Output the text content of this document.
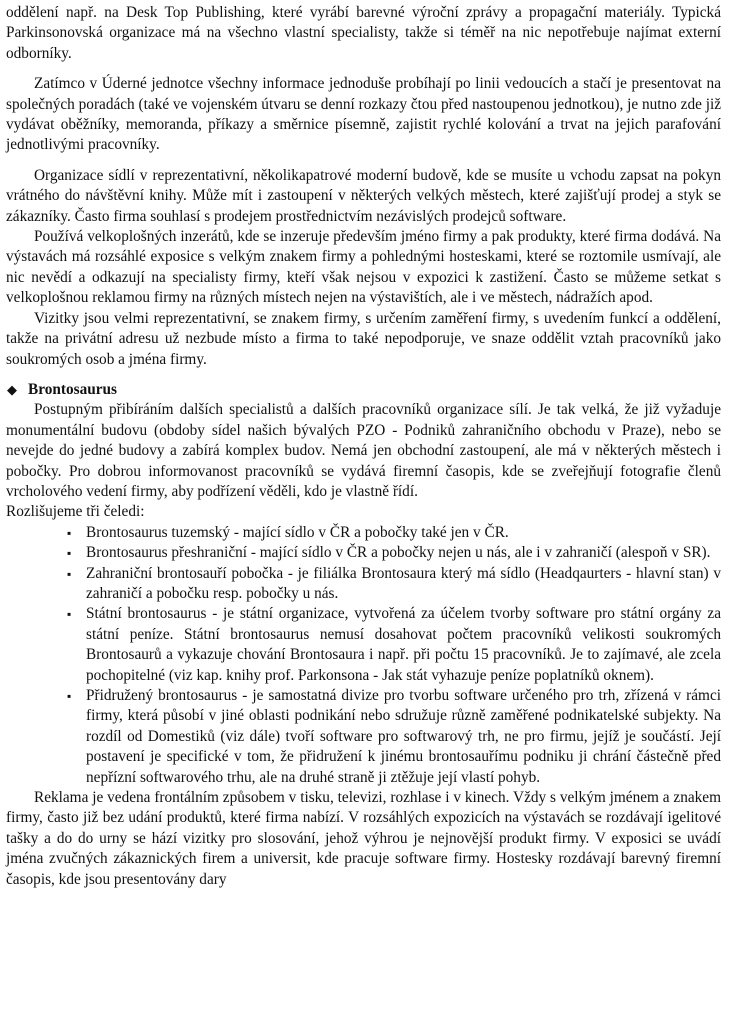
oddělení např. na Desk Top Publishing, které vyrábí barevné výroční zprávy a propagační materiály. Typická Parkinsonovská organizace má na všechno vlastní specialisty, takže si téměř na nic nepotřebuje najímat externí odborníky.

Zatímco v Úderné jednotce všechny informace jednoduše probíhají po linii vedoucích a stačí je presentovat na společných poradách (také ve vojenském útvaru se denní rozkazy čtou před nastoupenou jednotkou), je nutno zde již vydávat oběžníky, memoranda, příkazy a směrnice písemně, zajistit rychlé kolování a trvat na jejich parafování jednotlivými pracovníky.

Organizace sídlí v reprezentativní, několikapatrové moderní budově, kde se musíte u vchodu zapsat na pokyn vrátného do návštěvní knihy. Může mít i zastoupení v některých velkých městech, které zajišťují prodej a styk se zákazníky. Často firma souhlasí s prodejem prostřednictvím nezávislých prodejců software.

Používá velkoplošných inzerátů, kde se inzeruje především jméno firmy a pak produkty, které firma dodává. Na výstavách má rozsáhlé exposice s velkým znakem firmy a pohlednými hosteskami, které se roztomile usmívají, ale nic nevědí a odkazují na specialisty firmy, kteří však nejsou v expozici k zastižení. Často se můžeme setkat s velkoplošnou reklamou firmy na různých místech nejen na výstavištích, ale i ve městech, nádražích apod.

Vizitky jsou velmi reprezentativní, se znakem firmy, s určením zaměření firmy, s uvedením funkcí a oddělení, takže na privátní adresu už nezbude místo a firma to také nepodporuje, ve snaze oddělit vztah pracovníků jako soukromých osob a jména firmy.

◆ Brontosaurus

Postupným přibíráním dalších specialistů a dalších pracovníků organizace sílí. Je tak velká, že již vyžaduje monumentální budovu (obdoby sídel našich bývalých PZO - Podniků zahraničního obchodu v Praze), nebo se nevejde do jedné budovy a zabírá komplex budov. Nemá jen obchodní zastoupení, ale má v některých městech i pobočky. Pro dobrou informovanost pracovníků se vydává firemní časopis, kde se zveřejňují fotografie členů vrcholového vedení firmy, aby podřízení věděli, kdo je vlastně řídí.

Rozlišujeme tři čeledi:

▪ Brontosaurus tuzemský - mající sídlo v ČR a pobočky také jen v ČR.
▪ Brontosaurus přeshraniční - mající sídlo v ČR a pobočky nejen u nás, ale i v zahraničí (alespoň v SR).
▪ Zahraniční brontosauří pobočka - je filiálka Brontosaura který má sídlo (Headqaurters - hlavní stan) v zahraničí a pobočku resp. pobočky u nás.
▪ Státní brontosaurus - je státní organizace, vytvořená za účelem tvorby software pro státní orgány za státní peníze. Státní brontosaurus nemusí dosahovat počtem pracovníků velikosti soukromých Brontosaurů a vykazuje chování Brontosaura i např. při počtu 15 pracovníků. Je to zajímavé, ale zcela pochopitelné (viz kap. knihy prof. Parkonsona - Jak stát vyhazuje peníze poplatníků oknem).
▪ Přidružený brontosaurus - je samostatná divize pro tvorbu software určeného pro trh, zřízená v rámci firmy, která působí v jiné oblasti podnikání nebo sdružuje různě zaměřené podnikatelské subjekty. Na rozdíl od Domestiků (viz dále) tvoří software pro softwarový trh, ne pro firmu, jejíž je součástí. Její postavení je specifické v tom, že přidružení k jinému brontosauřímu podniku ji chrání částečně před nepřízní softwarového trhu, ale na druhé straně ji ztěžuje její vlastí pohyb.

Reklama je vedena frontálním způsobem v tisku, televizi, rozhlase i v kinech. Vždy s velkým jménem a znakem firmy, často již bez udání produktů, které firma nabízí. V rozsáhlých expozicích na výstavách se rozdávají igelitové tašky a do do urny se hází vizitky pro slosování, jehož výhrou je nejnovější produkt firmy. V exposici se uvádí jména zvučných zákaznických firem a universit, kde pracuje software firmy. Hostesky rozdávají barevný firemní časopis, kde jsou presentovány dary
